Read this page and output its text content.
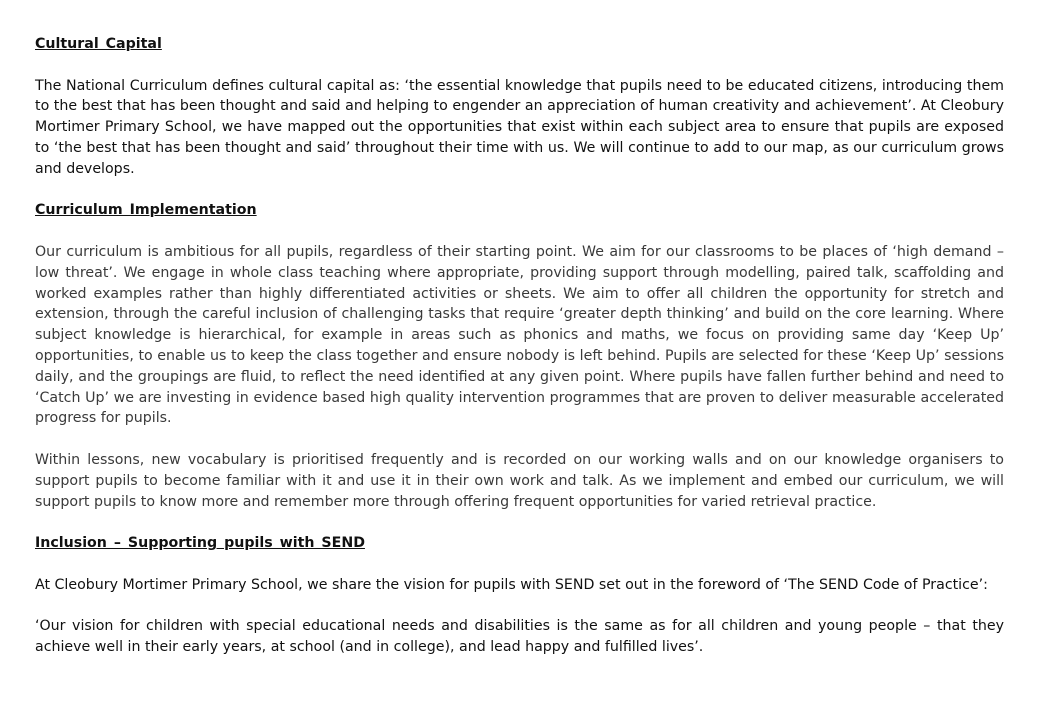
Cultural Capital

The National Curriculum defines cultural capital as: ‘the essential knowledge that pupils need to be educated citizens, introducing them to the best that has been thought and said and helping to engender an appreciation of human creativity and achievement’. At Cleobury Mortimer Primary School, we have mapped out the opportunities that exist within each subject area to ensure that pupils are exposed to ‘the best that has been thought and said’ throughout their time with us. We will continue to add to our map, as our curriculum grows and develops.

Curriculum Implementation

Our curriculum is ambitious for all pupils, regardless of their starting point. We aim for our classrooms to be places of ‘high demand – low threat’. We engage in whole class teaching where appropriate, providing support through modelling, paired talk, scaffolding and worked examples rather than highly differentiated activities or sheets. We aim to offer all children the opportunity for stretch and extension, through the careful inclusion of challenging tasks that require ‘greater depth thinking’ and build on the core learning. Where subject knowledge is hierarchical, for example in areas such as phonics and maths, we focus on providing same day ‘Keep Up’ opportunities, to enable us to keep the class together and ensure nobody is left behind. Pupils are selected for these ‘Keep Up’ sessions daily, and the groupings are fluid, to reflect the need identified at any given point. Where pupils have fallen further behind and need to ‘Catch Up’ we are investing in evidence based high quality intervention programmes that are proven to deliver measurable accelerated progress for pupils.

Within lessons, new vocabulary is prioritised frequently and is recorded on our working walls and on our knowledge organisers to support pupils to become familiar with it and use it in their own work and talk. As we implement and embed our curriculum, we will support pupils to know more and remember more through offering frequent opportunities for varied retrieval practice.

Inclusion – Supporting pupils with SEND

At Cleobury Mortimer Primary School, we share the vision for pupils with SEND set out in the foreword of ‘The SEND Code of Practice’:

‘Our vision for children with special educational needs and disabilities is the same as for all children and young people – that they achieve well in their early years, at school (and in college), and lead happy and fulfilled lives’.
